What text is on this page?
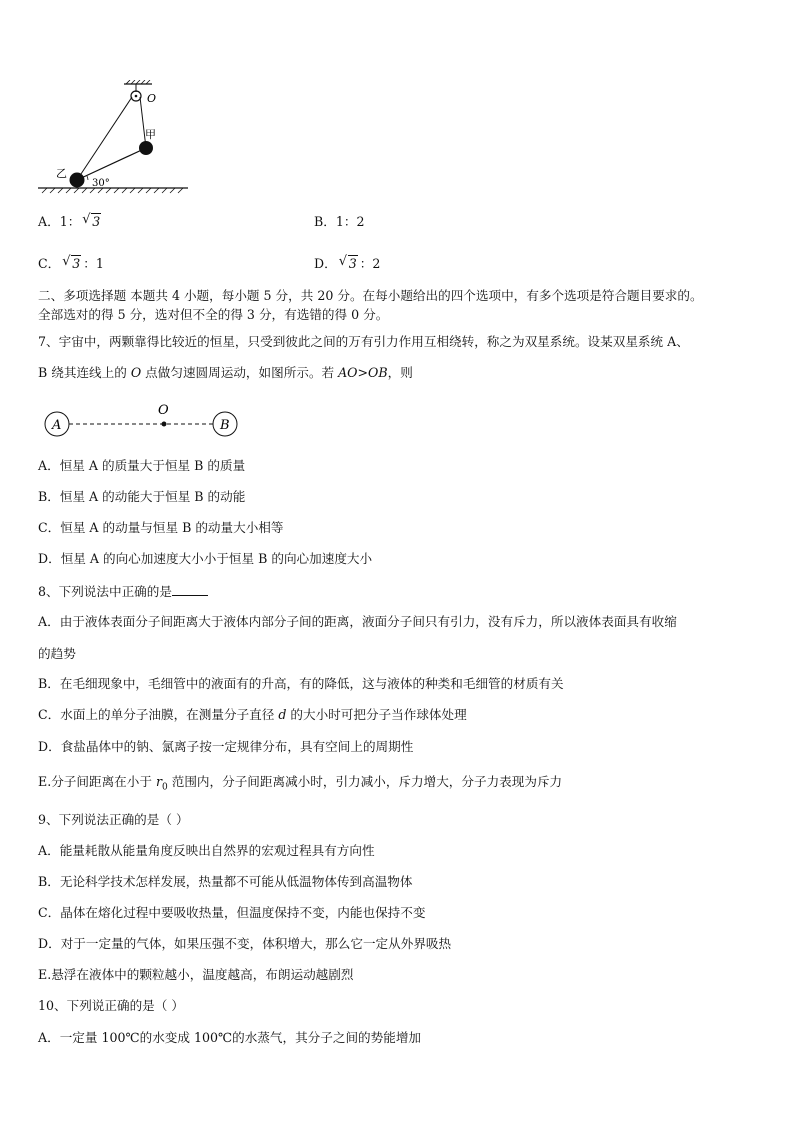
O
甲
乙
30°
A．1： √ 3	B．1：2
C． √ 3 ：1	D． √ 3 ：2
二、多项选择题 本题共 4 小题，每小题 5 分，共 20 分。在每小题给出的四个选项中，有多个选项是符合题目要求的。
全部选对的得 5 分，选对但不全的得 3 分，有选错的得 0 分。
7、宇宙中，两颗靠得比较近的恒星，只受到彼此之间的万有引力作用互相绕转，称之为双星系统。设某双星系统 A、
B 绕其连线上的 O 点做匀速圆周运动，如图所示。若 AO>OB，则
A
O
B
A．恒星 A 的质量大于恒星 B 的质量
B．恒星 A 的动能大于恒星 B 的动能
C．恒星 A 的动量与恒星 B 的动量大小相等
D．恒星 A 的向心加速度大小小于恒星 B 的向心加速度大小
8、下列说法中正确的是
A．由于液体表面分子间距离大于液体内部分子间的距离，液面分子间只有引力，没有斥力，所以液体表面具有收缩
的趋势
B．在毛细现象中，毛细管中的液面有的升高，有的降低，这与液体的种类和毛细管的材质有关
C．水面上的单分子油膜，在测量分子直径 d 的大小时可把分子当作球体处理
D．食盐晶体中的钠、氯离子按一定规律分布，具有空间上的周期性
E.分子间距离在小于 $r_0$ 范围内，分子间距离减小时，引力减小，斥力增大，分子力表现为斥力
9、下列说法正确的是（ ）
A．能量耗散从能量角度反映出自然界的宏观过程具有方向性
B．无论科学技术怎样发展，热量都不可能从低温物体传到高温物体
C．晶体在熔化过程中要吸收热量，但温度保持不变，内能也保持不变
D．对于一定量的气体，如果压强不变，体积增大，那么它一定从外界吸热
E.悬浮在液体中的颗粒越小，温度越高，布朗运动越剧烈
10、下列说正确的是（ ）
A．一定量 100℃的水变成 100℃的水蒸气，其分子之间的势能增加
